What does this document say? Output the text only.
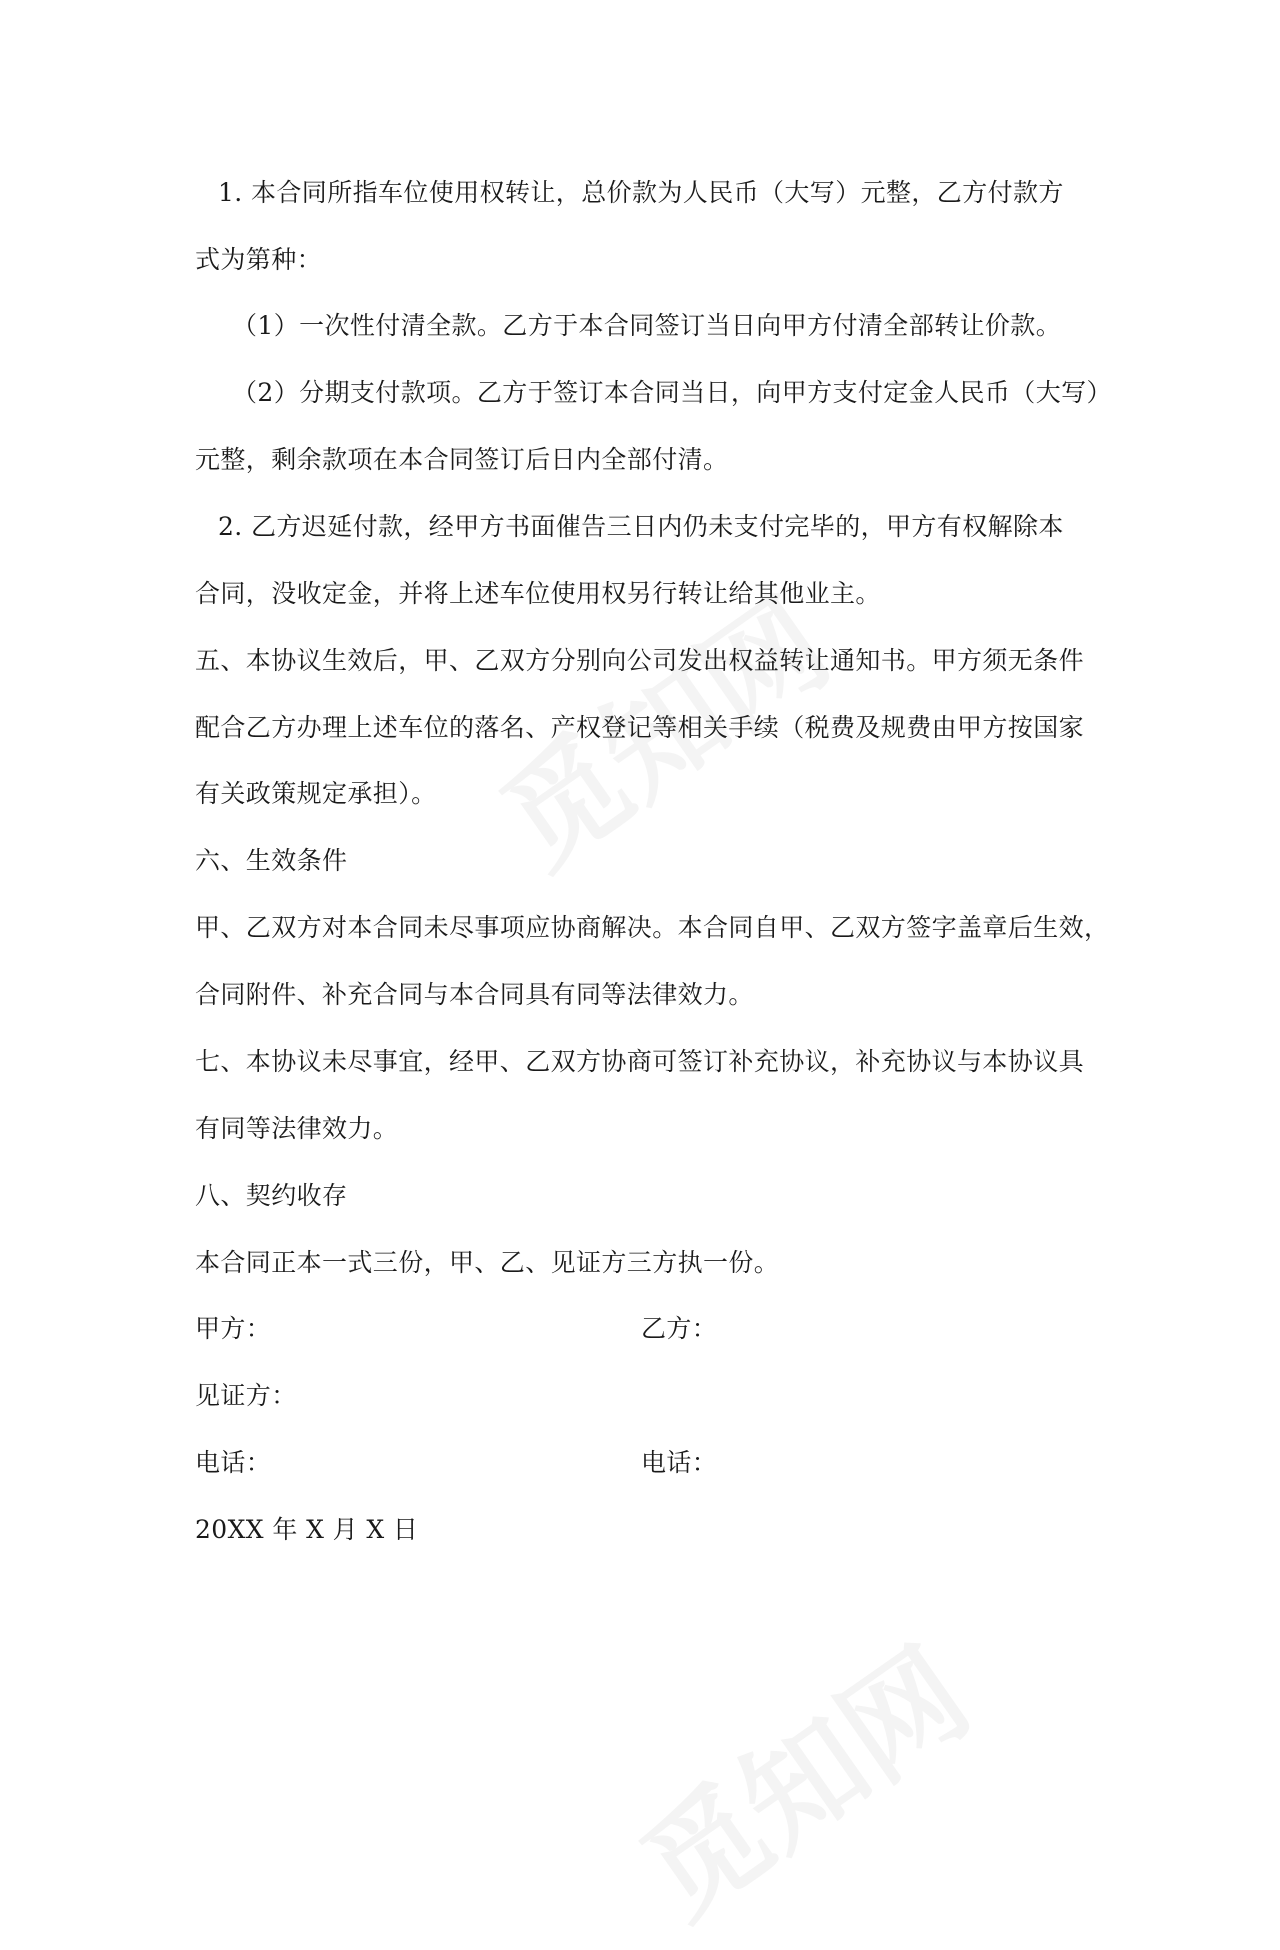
1. 本合同所指车位使用权转让，总价款为人民币（大写）元整，乙方付款方
式为第种：
（1）一次性付清全款。乙方于本合同签订当日向甲方付清全部转让价款。
（2）分期支付款项。乙方于签订本合同当日，向甲方支付定金人民币（大写）
元整，剩余款项在本合同签订后日内全部付清。
2. 乙方迟延付款，经甲方书面催告三日内仍未支付完毕的，甲方有权解除本
合同，没收定金，并将上述车位使用权另行转让给其他业主。
五、本协议生效后，甲、乙双方分别向公司发出权益转让通知书。甲方须无条件
配合乙方办理上述车位的落名、产权登记等相关手续（税费及规费由甲方按国家
有关政策规定承担）。
六、生效条件
甲、乙双方对本合同未尽事项应协商解决。本合同自甲、乙双方签字盖章后生效，
合同附件、补充合同与本合同具有同等法律效力。
七、本协议未尽事宜，经甲、乙双方协商可签订补充协议，补充协议与本协议具
有同等法律效力。
八、契约收存
本合同正本一式三份，甲、乙、见证方三方执一份。
甲方：	乙方：
见证方：
电话：	电话：
20XX 年 X 月 X 日
